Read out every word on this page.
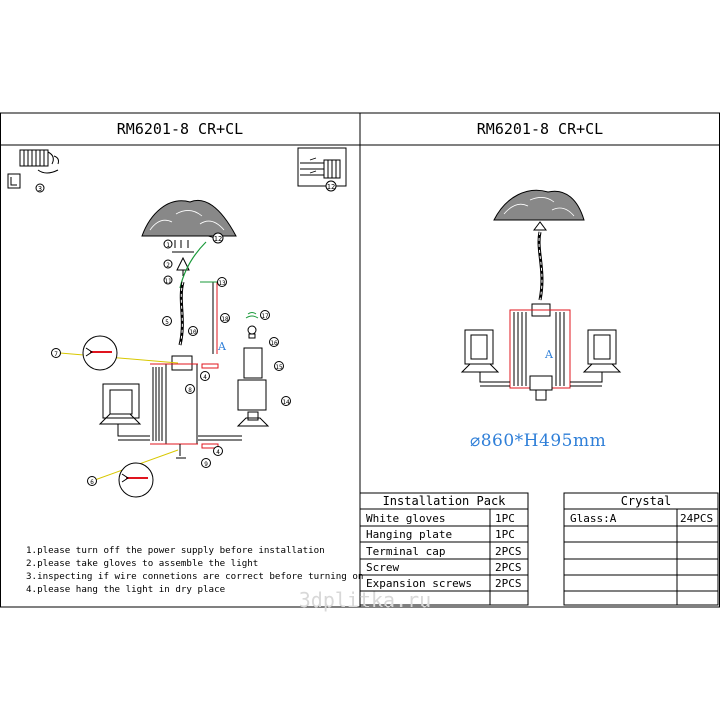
RM6201-8 CR+CL	RM6201-8 CR+CL
3	12
12
1
2
11	13
5
10
18
A
4
8
4
9
17
16
15
14
7
6
1.please turn off the power supply before installation
2.please take gloves to assemble the light
3.inspecting if wire connetions are correct before turning on
4.please hang the light in dry place
A
⌀860*H495mm
Installation Pack
White gloves	1PC
Hanging plate	1PC
Terminal cap	2PCS
Screw	2PCS
Expansion screws 2PCS
Crystal
Glass:A	24PCS
3dplitka.ru
